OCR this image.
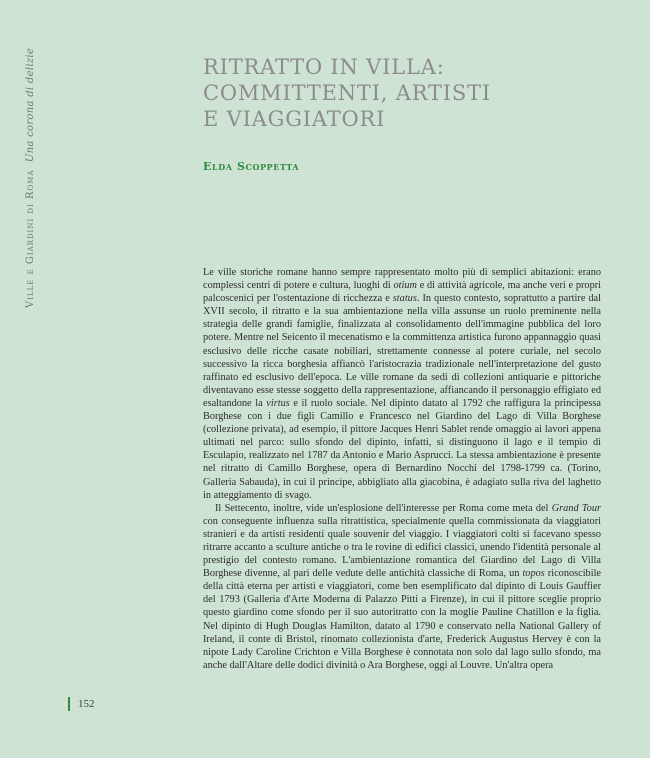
Ville e Giardini di Roma Una corona di delizie	RITRATTO IN VILLA:
COMMITTENTI, ARTISTI
E VIAGGIATORI
Elda Scoppetta

Le ville storiche romane hanno sempre rappresentato molto più di semplici abitazioni: erano complessi centri di potere e cultura, luoghi di otium e di attività agricole, ma anche veri e propri palcoscenici per l'ostentazione di ricchezza e status. In questo contesto, soprattutto a partire dal XVII secolo, il ritratto e la sua ambientazione nella villa assunse un ruolo preminente nella strategia delle grandi famiglie, finalizzata al consolidamento dell'immagine pubblica del loro potere. Mentre nel Seicento il mecenatismo e la committenza artistica furono appannaggio quasi esclusivo delle ricche casate nobiliari, strettamente connesse al potere curiale, nel secolo successivo la ricca borghesia affiancò l'aristocrazia tradizionale nell'interpretazione del gusto raffinato ed esclusivo dell'epoca. Le ville romane da sedi di collezioni antiquarie e pittoriche diventavano esse stesse soggetto della rappresentazione, affiancando il personaggio effigiato ed esaltandone la virtus e il ruolo sociale. Nel dipinto datato al 1792 che raffigura la principessa Borghese con i due figli Camillo e Francesco nel Giardino del Lago di Villa Borghese (collezione privata), ad esempio, il pittore Jacques Henri Sablet rende omaggio ai lavori appena ultimati nel parco: sullo sfondo del dipinto, infatti, si distinguono il lago e il tempio di Esculapio, realizzato nel 1787 da Antonio e Mario Asprucci. La stessa ambientazione è presente nel ritratto di Camillo Borghese, opera di Bernardino Nocchi del 1798-1799 ca. (Torino, Galleria Sabauda), in cui il principe, abbigliato alla giacobina, è adagiato sulla riva del laghetto in atteggiamento di svago.

Il Settecento, inoltre, vide un'esplosione dell'interesse per Roma come meta del Grand Tour con conseguente influenza sulla ritrattistica, specialmente quella commissionata da viaggiatori stranieri e da artisti residenti quale souvenir del viaggio. I viaggiatori colti si facevano spesso ritrarre accanto a sculture antiche o tra le rovine di edifici classici, unendo l'identità personale al prestigio del contesto romano. L'ambientazione romantica del Giardino del Lago di Villa Borghese divenne, al pari delle vedute delle antichità classiche di Roma, un topos riconoscibile della città eterna per artisti e viaggiatori, come ben esemplificato dal dipinto di Louis Gauffier del 1793 (Galleria d'Arte Moderna di Palazzo Pitti a Firenze), in cui il pittore sceglie proprio questo giardino come sfondo per il suo autoritratto con la moglie Pauline Chatillon e la figlia. Nel dipinto di Hugh Douglas Hamilton, datato al 1790 e conservato nella National Gallery of Ireland, il conte di Bristol, rinomato collezionista d'arte, Frederick Augustus Hervey è con la nipote Lady Caroline Crichton e Villa Borghese è connotata non solo dal lago sullo sfondo, ma anche dall'Altare delle dodici divinità o Ara Borghese, oggi al Louvre. Un'altra opera

152
